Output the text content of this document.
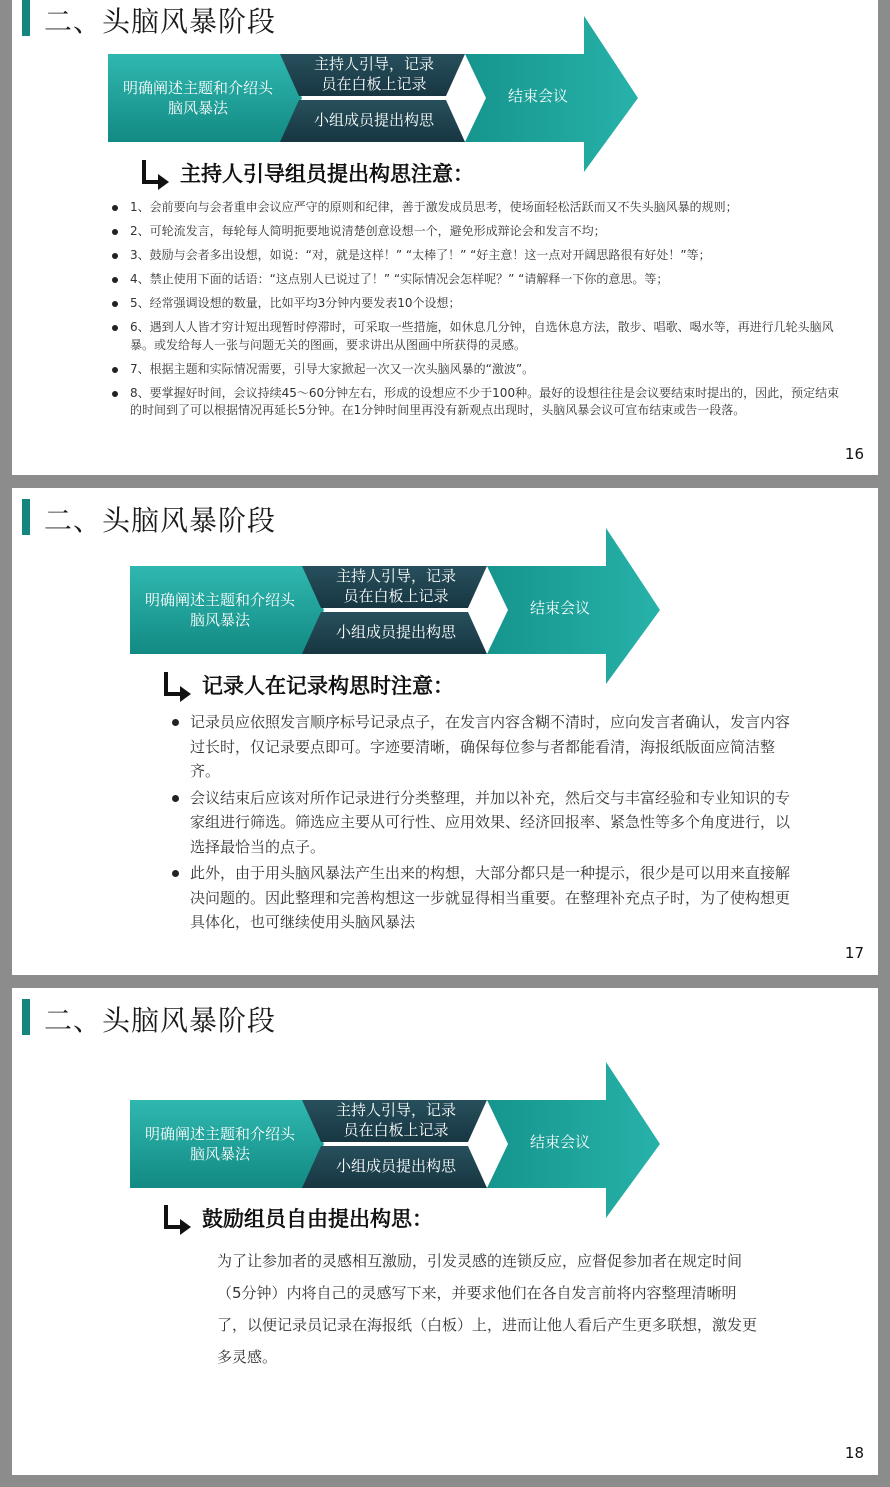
二、头脑风暴阶段
明确阐述主题和介绍头
脑风暴法
主持人引导，记录
员在白板上记录
小组成员提出构思
结束会议
主持人引导组员提出构思注意：
1、会前要向与会者重申会议应严守的原则和纪律，善于激发成员思考，使场面轻松活跃而又不失头脑风暴的规则；
2、可轮流发言，每轮每人简明扼要地说清楚创意设想一个，避免形成辩论会和发言不均；
3、鼓励与会者多出设想，如说：“对，就是这样！” “太棒了！” “好主意！这一点对开阔思路很有好处！”等；
4、禁止使用下面的话语：“这点别人已说过了！” “实际情况会怎样呢？” “请解释一下你的意思。等；
5、经常强调设想的数量，比如平均3分钟内要发表10个设想；
6、遇到人人皆才穷计短出现暂时停滞时，可采取一些措施，如休息几分钟，自选休息方法，散步、唱歌、喝水等，再进行几轮头脑风暴。或发给每人一张与问题无关的图画，要求讲出从图画中所获得的灵感。
7、根据主题和实际情况需要，引导大家掀起一次又一次头脑风暴的“激波”。
8、要掌握好时间，会议持续45～60分钟左右，形成的设想应不少于100种。最好的设想往往是会议要结束时提出的，因此，预定结束的时间到了可以根据情况再延长5分钟。在1分钟时间里再没有新观点出现时，头脑风暴会议可宣布结束或告一段落。
16
二、头脑风暴阶段
明确阐述主题和介绍头
脑风暴法
主持人引导，记录
员在白板上记录
小组成员提出构思
结束会议
记录人在记录构思时注意：
记录员应依照发言顺序标号记录点子，在发言内容含糊不清时，应向发言者确认，发言内容过长时，仅记录要点即可。字迹要清晰，确保每位参与者都能看清，海报纸版面应简洁整齐。
会议结束后应该对所作记录进行分类整理，并加以补充，然后交与丰富经验和专业知识的专家组进行筛选。筛选应主要从可行性、应用效果、经济回报率、紧急性等多个角度进行，以选择最恰当的点子。
此外，由于用头脑风暴法产生出来的构想，大部分都只是一种提示，很少是可以用来直接解决问题的。因此整理和完善构想这一步就显得相当重要。在整理补充点子时，为了使构想更具体化，也可继续使用头脑风暴法
17
二、头脑风暴阶段
明确阐述主题和介绍头
脑风暴法
主持人引导，记录
员在白板上记录
小组成员提出构思
结束会议
鼓励组员自由提出构思：
为了让参加者的灵感相互激励，引发灵感的连锁反应，应督促参加者在规定时间（5分钟）内将自己的灵感写下来，并要求他们在各自发言前将内容整理清晰明了，以便记录员记录在海报纸（白板）上，进而让他人看后产生更多联想，激发更多灵感。
18
